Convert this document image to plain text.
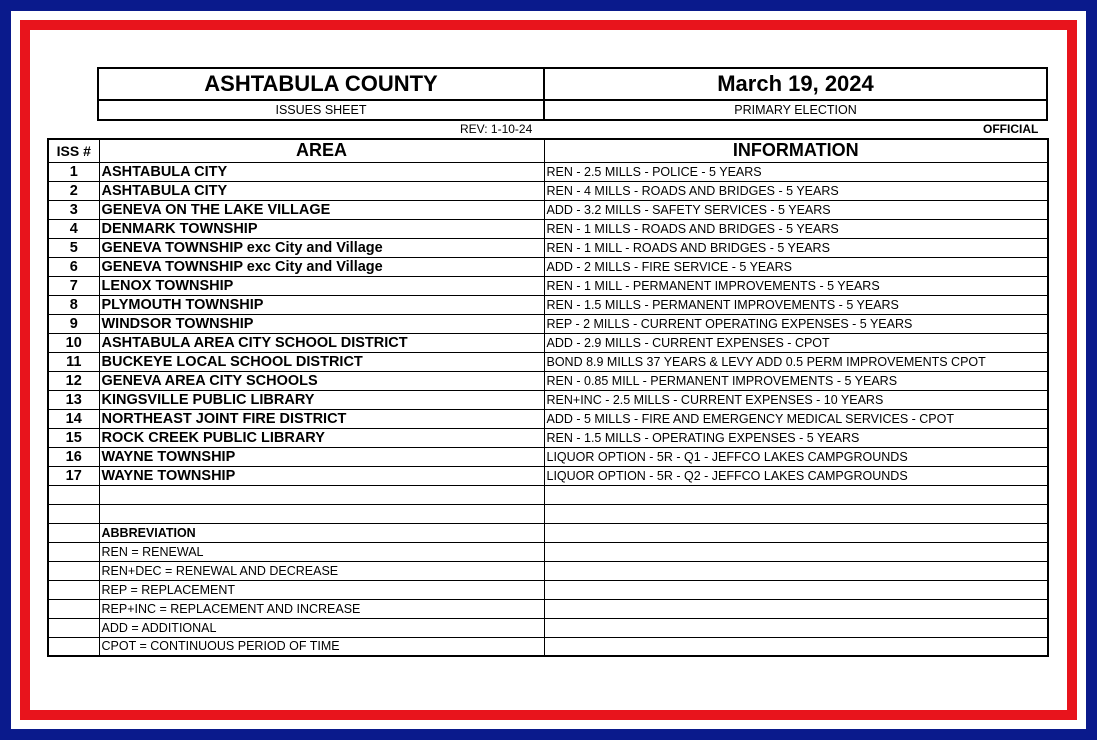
ASHTABULA COUNTY	March 19, 2024
ISSUES SHEET	PRIMARY ELECTION
REV: 1-10-24	OFFICIAL
ISS #	AREA	INFORMATION
1	ASHTABULA CITY	REN - 2.5 MILLS - POLICE - 5 YEARS
2	ASHTABULA CITY	REN - 4 MILLS - ROADS AND BRIDGES - 5 YEARS
3	GENEVA ON THE LAKE VILLAGE	ADD - 3.2 MILLS - SAFETY SERVICES - 5 YEARS
4	DENMARK TOWNSHIP	REN - 1 MILLS - ROADS AND BRIDGES - 5 YEARS
5	GENEVA TOWNSHIP exc City and Village	REN - 1 MILL - ROADS AND BRIDGES - 5 YEARS
6	GENEVA TOWNSHIP exc City and Village	ADD - 2 MILLS - FIRE SERVICE - 5 YEARS
7	LENOX TOWNSHIP	REN - 1 MILL - PERMANENT IMPROVEMENTS - 5 YEARS
8	PLYMOUTH TOWNSHIP	REN - 1.5 MILLS - PERMANENT IMPROVEMENTS - 5 YEARS
9	WINDSOR TOWNSHIP	REP - 2 MILLS - CURRENT OPERATING EXPENSES - 5 YEARS
10	ASHTABULA AREA CITY SCHOOL DISTRICT	ADD - 2.9 MILLS - CURRENT EXPENSES - CPOT
11	BUCKEYE LOCAL SCHOOL DISTRICT	BOND 8.9 MILLS 37 YEARS & LEVY ADD 0.5 PERM IMPROVEMENTS CPOT
12	GENEVA AREA CITY SCHOOLS	REN - 0.85 MILL - PERMANENT IMPROVEMENTS - 5 YEARS
13	KINGSVILLE PUBLIC LIBRARY	REN+INC - 2.5 MILLS - CURRENT EXPENSES - 10 YEARS
14	NORTHEAST JOINT FIRE DISTRICT	ADD - 5 MILLS - FIRE AND EMERGENCY MEDICAL SERVICES - CPOT
15	ROCK CREEK PUBLIC LIBRARY	REN - 1.5 MILLS - OPERATING EXPENSES - 5 YEARS
16	WAYNE TOWNSHIP	LIQUOR OPTION - 5R - Q1 - JEFFCO LAKES CAMPGROUNDS
17	WAYNE TOWNSHIP	LIQUOR OPTION - 5R - Q2 - JEFFCO LAKES CAMPGROUNDS

	ABBREVIATION	
	REN = RENEWAL	
	REN+DEC = RENEWAL AND DECREASE	
	REP = REPLACEMENT	
	REP+INC = REPLACEMENT AND INCREASE	
	ADD = ADDITIONAL	
	CPOT = CONTINUOUS PERIOD OF TIME	
